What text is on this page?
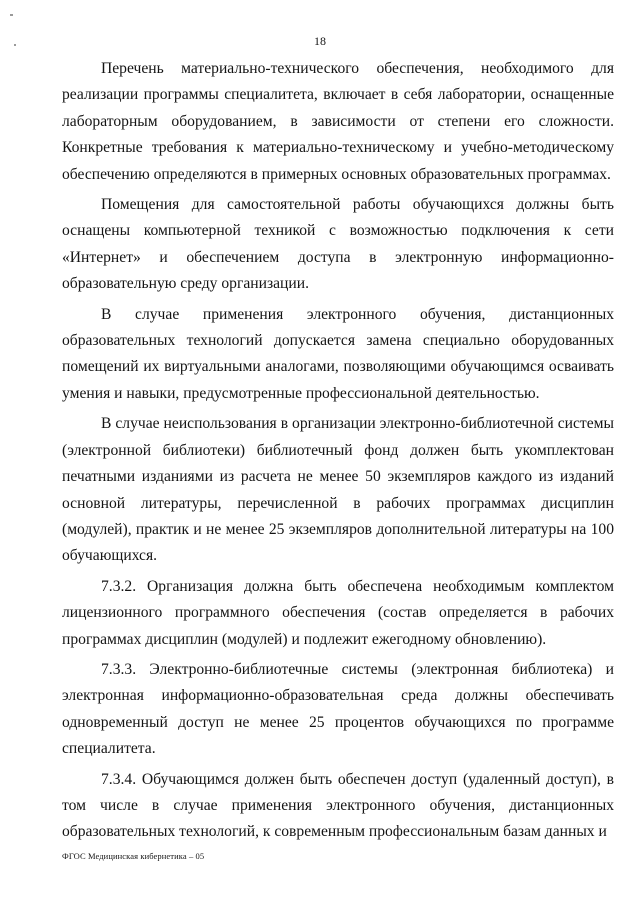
18

Перечень материально-технического обеспечения, необходимого для реализации программы специалитета, включает в себя лаборатории, оснащенные лабораторным оборудованием, в зависимости от степени его сложности. Конкретные требования к материально-техническому и учебно-методическому обеспечению определяются в примерных основных образовательных программах.

Помещения для самостоятельной работы обучающихся должны быть оснащены компьютерной техникой с возможностью подключения к сети «Интернет» и обеспечением доступа в электронную информационно-образовательную среду организации.

В случае применения электронного обучения, дистанционных образовательных технологий допускается замена специально оборудованных помещений их виртуальными аналогами, позволяющими обучающимся осваивать умения и навыки, предусмотренные профессиональной деятельностью.

В случае неиспользования в организации электронно-библиотечной системы (электронной библиотеки) библиотечный фонд должен быть укомплектован печатными изданиями из расчета не менее 50 экземпляров каждого из изданий основной литературы, перечисленной в рабочих программах дисциплин (модулей), практик и не менее 25 экземпляров дополнительной литературы на 100 обучающихся.

7.3.2. Организация должна быть обеспечена необходимым комплектом лицензионного программного обеспечения (состав определяется в рабочих программах дисциплин (модулей) и подлежит ежегодному обновлению).

7.3.3. Электронно-библиотечные системы (электронная библиотека) и электронная информационно-образовательная среда должны обеспечивать одновременный доступ не менее 25 процентов обучающихся по программе специалитета.

7.3.4. Обучающимся должен быть обеспечен доступ (удаленный доступ), в том числе в случае применения электронного обучения, дистанционных образовательных технологий, к современным профессиональным базам данных и

ФГОС Медицинская кибернетика – 05
